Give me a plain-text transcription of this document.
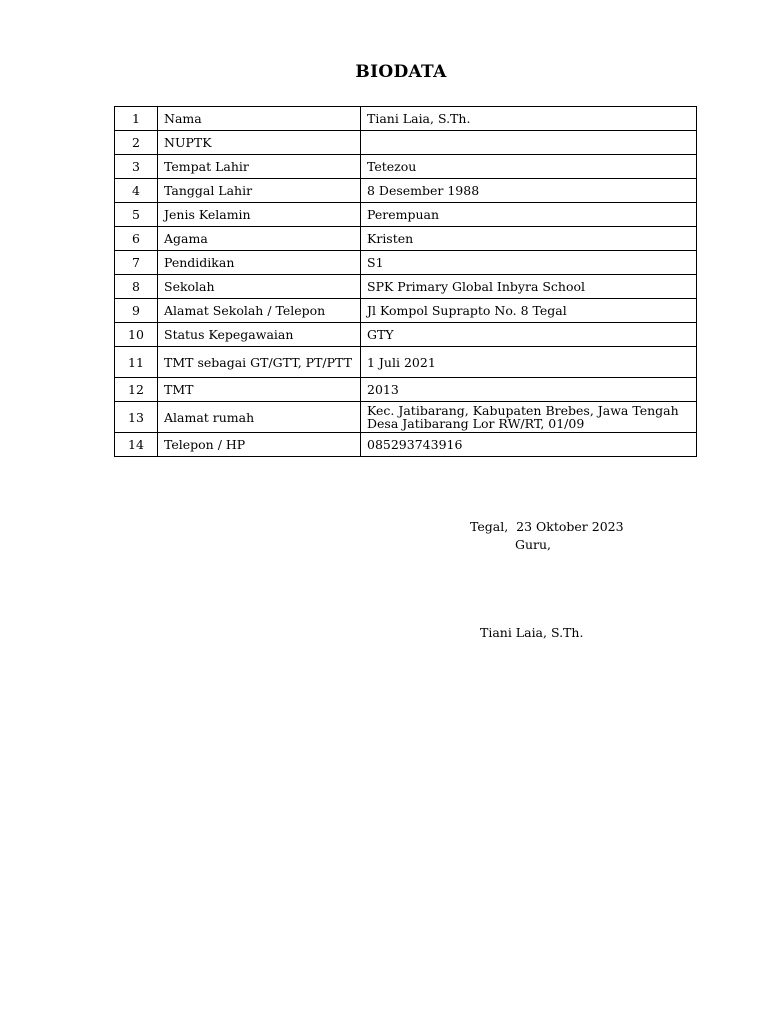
BIODATA
1	Nama	Tiani Laia, S.Th.
2	NUPTK	
3	Tempat Lahir	Tetezou
4	Tanggal Lahir	8 Desember 1988
5	Jenis Kelamin	Perempuan
6	Agama	Kristen
7	Pendidikan	S1
8	Sekolah	SPK Primary Global Inbyra School
9	Alamat Sekolah / Telepon	Jl Kompol Suprapto No. 8 Tegal
10	Status Kepegawaian	GTY
11	TMT sebagai GT/GTT, PT/PTT	1 Juli 2021
12	TMT	2013
13	Alamat rumah	Kec. Jatibarang, Kabupaten Brebes, Jawa Tengah Desa Jatibarang Lor RW/RT, 01/09
14	Telepon / HP	085293743916
Tegal,  23 Oktober 2023
Guru,
Tiani Laia, S.Th.
